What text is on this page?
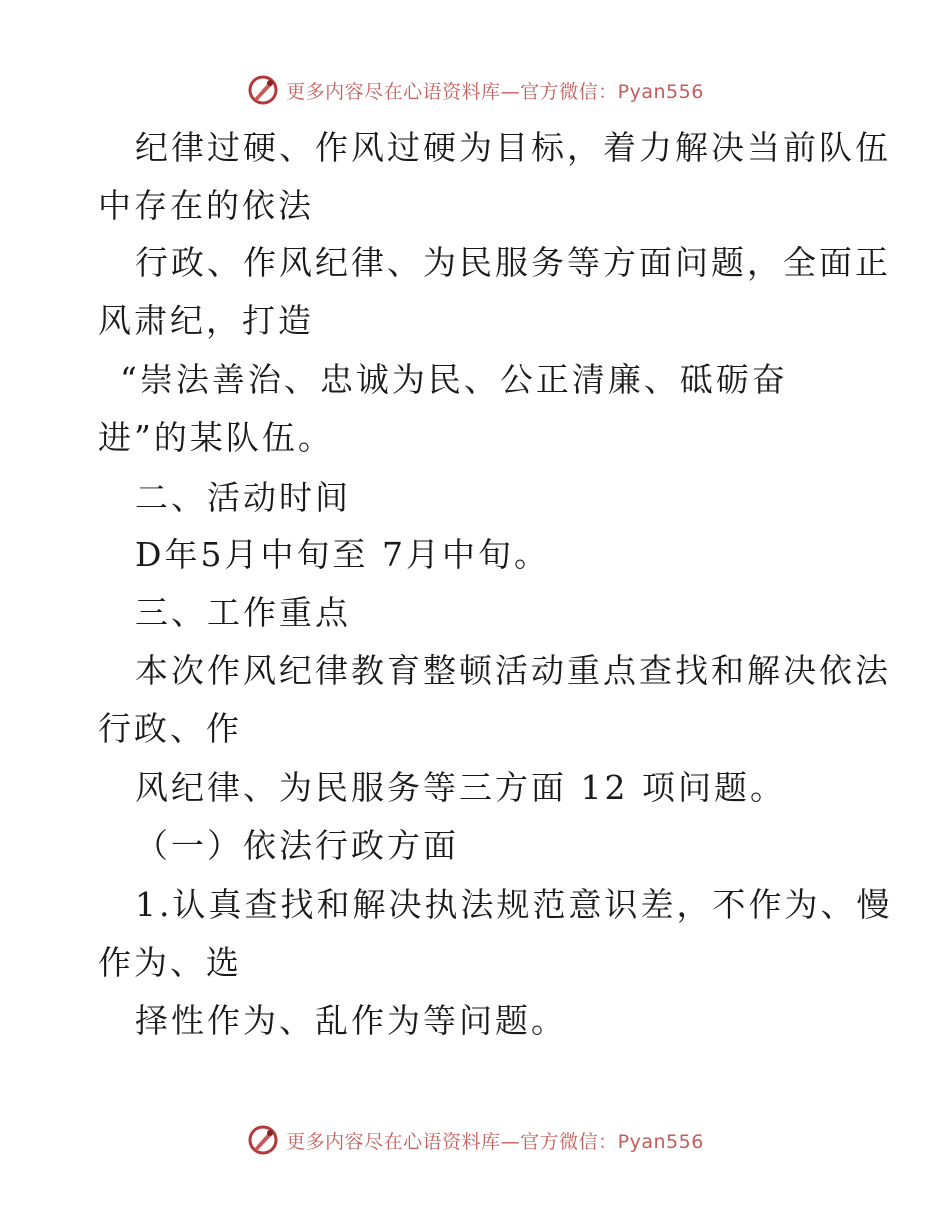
更多内容尽在心语资料库—官方微信：Pyan556
纪律过硬、作风过硬为目标，着力解决当前队伍
中存在的依法
行政、作风纪律、为民服务等方面问题，全面正
风肃纪，打造
“崇法善治、忠诚为民、公正清廉、砥砺奋
进”的某队伍。
二、活动时间
D年5月中旬至 7月中旬。
三、工作重点
本次作风纪律教育整顿活动重点查找和解决依法
行政、作
风纪律、为民服务等三方面 12 项问题。
（一）依法行政方面
1.认真查找和解决执法规范意识差，不作为、慢
作为、选
择性作为、乱作为等问题。
更多内容尽在心语资料库—官方微信：Pyan556
